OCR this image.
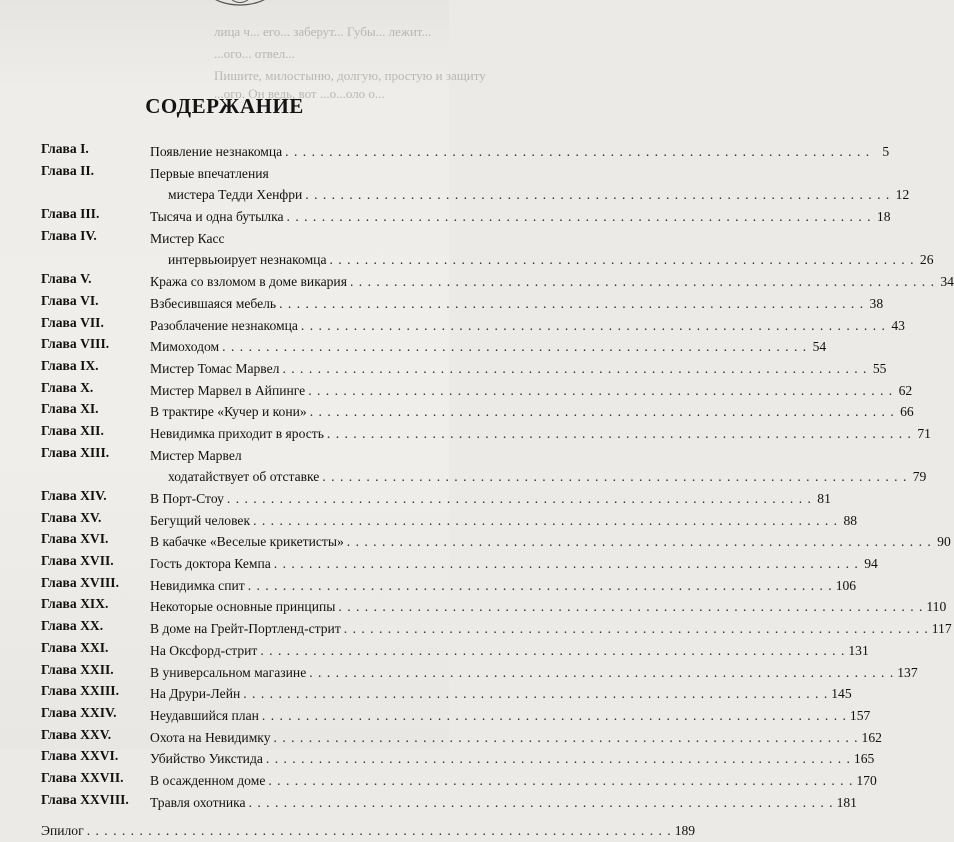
лица ч... его... заберут... Губы... лежит...
...ого... отвел...
Пишите, милостыню, долгую, простую и защиту
...ого. Он ведь, вот ...о...оло о...
СОДЕРЖАНИЕ
Глава I.	Появление незнакомца . . . . . . . . . . . . . . . . . . . . . . . . . . . . . . . . . . . . . . . . . . . . . . . . . . . . . . . . . . . . . . . . . . . 5
Глава II.	Первые впечатления
мистера Тедди Хенфри . . . . . . . . . . . . . . . . . . . . . . . . . . . . . . . . . . . . . . . . . . . . . . . . . . . . . . . . . . . . . . . . . . . 12
Глава III.	Тысяча и одна бутылка . . . . . . . . . . . . . . . . . . . . . . . . . . . . . . . . . . . . . . . . . . . . . . . . . . . . . . . . . . . . . . . . . . . 18
Глава IV.	Мистер Касс
интервьюирует незнакомца . . . . . . . . . . . . . . . . . . . . . . . . . . . . . . . . . . . . . . . . . . . . . . . . . . . . . . . . . . . . . . . . . . . 26
Глава V.	Кража со взломом в доме викария . . . . . . . . . . . . . . . . . . . . . . . . . . . . . . . . . . . . . . . . . . . . . . . . . . . . . . . . . . . . . . . . . . . 34
Глава VI.	Взбесившаяся мебель . . . . . . . . . . . . . . . . . . . . . . . . . . . . . . . . . . . . . . . . . . . . . . . . . . . . . . . . . . . . . . . . . . . 38
Глава VII.	Разоблачение незнакомца . . . . . . . . . . . . . . . . . . . . . . . . . . . . . . . . . . . . . . . . . . . . . . . . . . . . . . . . . . . . . . . . . . . 43
Глава VIII.	Мимоходом . . . . . . . . . . . . . . . . . . . . . . . . . . . . . . . . . . . . . . . . . . . . . . . . . . . . . . . . . . . . . . . . . . . 54
Глава IX.	Мистер Томас Марвел . . . . . . . . . . . . . . . . . . . . . . . . . . . . . . . . . . . . . . . . . . . . . . . . . . . . . . . . . . . . . . . . . . . 55
Глава X.	Мистер Марвел в Айпинге . . . . . . . . . . . . . . . . . . . . . . . . . . . . . . . . . . . . . . . . . . . . . . . . . . . . . . . . . . . . . . . . . . . 62
Глава XI.	В трактире «Кучер и кони» . . . . . . . . . . . . . . . . . . . . . . . . . . . . . . . . . . . . . . . . . . . . . . . . . . . . . . . . . . . . . . . . . . . 66
Глава XII.	Невидимка приходит в ярость . . . . . . . . . . . . . . . . . . . . . . . . . . . . . . . . . . . . . . . . . . . . . . . . . . . . . . . . . . . . . . . . . . . 71
Глава XIII.	Мистер Марвел
ходатайствует об отставке . . . . . . . . . . . . . . . . . . . . . . . . . . . . . . . . . . . . . . . . . . . . . . . . . . . . . . . . . . . . . . . . . . . 79
Глава XIV.	В Порт-Стоу . . . . . . . . . . . . . . . . . . . . . . . . . . . . . . . . . . . . . . . . . . . . . . . . . . . . . . . . . . . . . . . . . . . 81
Глава XV.	Бегущий человек . . . . . . . . . . . . . . . . . . . . . . . . . . . . . . . . . . . . . . . . . . . . . . . . . . . . . . . . . . . . . . . . . . . 88
Глава XVI.	В кабачке «Веселые крикетисты» . . . . . . . . . . . . . . . . . . . . . . . . . . . . . . . . . . . . . . . . . . . . . . . . . . . . . . . . . . . . . . . . . . . 90
Глава XVII.	Гость доктора Кемпа . . . . . . . . . . . . . . . . . . . . . . . . . . . . . . . . . . . . . . . . . . . . . . . . . . . . . . . . . . . . . . . . . . . 94
Глава XVIII. Невидимка спит . . . . . . . . . . . . . . . . . . . . . . . . . . . . . . . . . . . . . . . . . . . . . . . . . . . . . . . . . . . . . . . . . . . 106
Глава XIX.	Некоторые основные принципы . . . . . . . . . . . . . . . . . . . . . . . . . . . . . . . . . . . . . . . . . . . . . . . . . . . . . . . . . . . . . . . . . . . 110
Глава XX.	В доме на Грейт-Портленд-стрит . . . . . . . . . . . . . . . . . . . . . . . . . . . . . . . . . . . . . . . . . . . . . . . . . . . . . . . . . . . . . . . . . . . 117
Глава XXI.	На Оксфорд-стрит . . . . . . . . . . . . . . . . . . . . . . . . . . . . . . . . . . . . . . . . . . . . . . . . . . . . . . . . . . . . . . . . . . . 131
Глава XXII.	В универсальном магазине . . . . . . . . . . . . . . . . . . . . . . . . . . . . . . . . . . . . . . . . . . . . . . . . . . . . . . . . . . . . . . . . . . . 137
Глава XXIII. На Друри-Лейн . . . . . . . . . . . . . . . . . . . . . . . . . . . . . . . . . . . . . . . . . . . . . . . . . . . . . . . . . . . . . . . . . . . 145
Глава XXIV. Неудавшийся план . . . . . . . . . . . . . . . . . . . . . . . . . . . . . . . . . . . . . . . . . . . . . . . . . . . . . . . . . . . . . . . . . . . 157
Глава XXV.	Охота на Невидимку . . . . . . . . . . . . . . . . . . . . . . . . . . . . . . . . . . . . . . . . . . . . . . . . . . . . . . . . . . . . . . . . . . . 162
Глава XXVI. Убийство Уикстида . . . . . . . . . . . . . . . . . . . . . . . . . . . . . . . . . . . . . . . . . . . . . . . . . . . . . . . . . . . . . . . . . . . 165
Глава XXVII. В осажденном доме . . . . . . . . . . . . . . . . . . . . . . . . . . . . . . . . . . . . . . . . . . . . . . . . . . . . . . . . . . . . . . . . . . . 170
Глава XXVIII. Травля охотника . . . . . . . . . . . . . . . . . . . . . . . . . . . . . . . . . . . . . . . . . . . . . . . . . . . . . . . . . . . . . . . . . . . 181
Эпилог . . . . . . . . . . . . . . . . . . . . . . . . . . . . . . . . . . . . . . . . . . . . . . . . . . . . . . . . . . . . . . . . . . . 189
